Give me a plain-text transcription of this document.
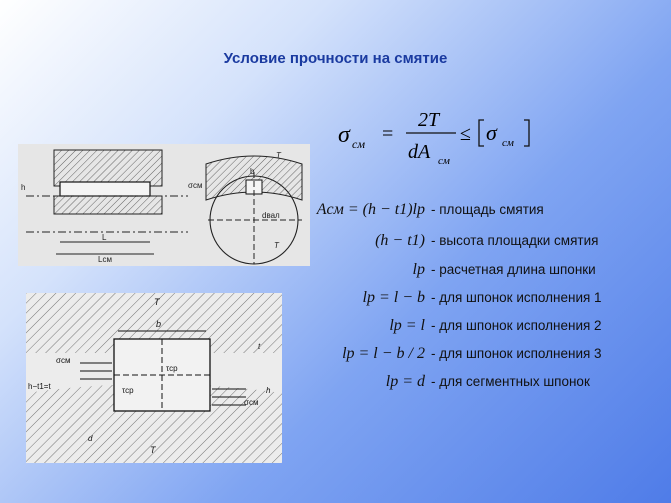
Условие прочности на смятие
σ см =
2T
dA см
≤ σ см
Aсм = (h − t1)lp - площадь смятия
(h − t1) - высота площадки смятия
lp - расчетная длина шпонки
lp = l − b - для шпонок исполнения 1
lp = l - для шпонок исполнения 2
lp = l − b / 2 - для шпонок исполнения 3
lp = d - для сегментных шпонок
L
Lсм
h
T
b
σсм
dвал
T
T
b
h−t1=t
σсм
τср
τср
σсм
t
h
T
d
